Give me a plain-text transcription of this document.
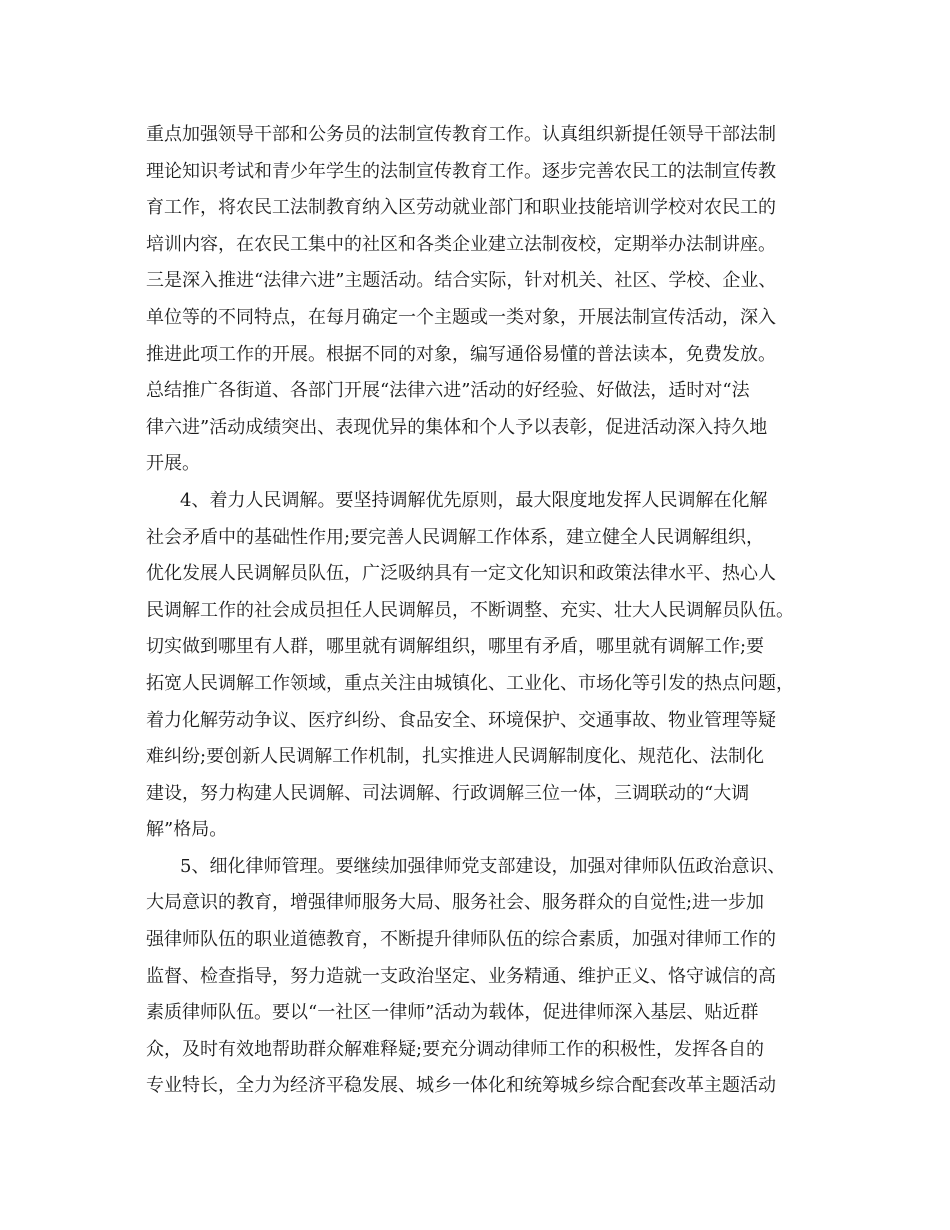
重点加强领导干部和公务员的法制宣传教育工作。认真组织新提任领导干部法制
理论知识考试和青少年学生的法制宣传教育工作。逐步完善农民工的法制宣传教
育工作，将农民工法制教育纳入区劳动就业部门和职业技能培训学校对农民工的
培训内容，在农民工集中的社区和各类企业建立法制夜校，定期举办法制讲座。
三是深入推进“法律六进”主题活动。结合实际，针对机关、社区、学校、企业、
单位等的不同特点，在每月确定一个主题或一类对象，开展法制宣传活动，深入
推进此项工作的开展。根据不同的对象，编写通俗易懂的普法读本，免费发放。
总结推广各街道、各部门开展“法律六进”活动的好经验、好做法，适时对“法
律六进”活动成绩突出、表现优异的集体和个人予以表彰，促进活动深入持久地
开展。
4、着力人民调解。要坚持调解优先原则，最大限度地发挥人民调解在化解
社会矛盾中的基础性作用;要完善人民调解工作体系，建立健全人民调解组织，
优化发展人民调解员队伍，广泛吸纳具有一定文化知识和政策法律水平、热心人
民调解工作的社会成员担任人民调解员，不断调整、充实、壮大人民调解员队伍。
切实做到哪里有人群，哪里就有调解组织，哪里有矛盾，哪里就有调解工作;要
拓宽人民调解工作领域，重点关注由城镇化、工业化、市场化等引发的热点问题，
着力化解劳动争议、医疗纠纷、食品安全、环境保护、交通事故、物业管理等疑
难纠纷;要创新人民调解工作机制，扎实推进人民调解制度化、规范化、法制化
建设，努力构建人民调解、司法调解、行政调解三位一体，三调联动的“大调
解”格局。
5、细化律师管理。要继续加强律师党支部建设，加强对律师队伍政治意识、
大局意识的教育，增强律师服务大局、服务社会、服务群众的自觉性;进一步加
强律师队伍的职业道德教育，不断提升律师队伍的综合素质，加强对律师工作的
监督、检查指导，努力造就一支政治坚定、业务精通、维护正义、恪守诚信的高
素质律师队伍。要以“一社区一律师”活动为载体，促进律师深入基层、贴近群
众，及时有效地帮助群众解难释疑;要充分调动律师工作的积极性，发挥各自的
专业特长，全力为经济平稳发展、城乡一体化和统筹城乡综合配套改革主题活动
